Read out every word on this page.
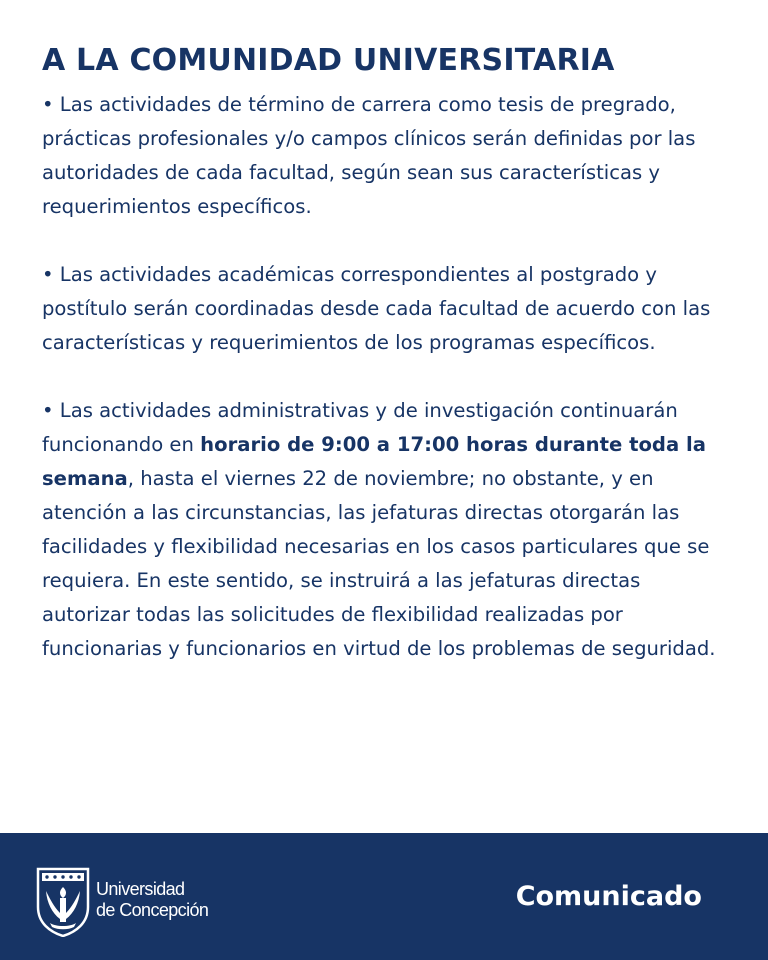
A LA COMUNIDAD UNIVERSITARIA

• Las actividades de término de carrera como tesis de pregrado, prácticas profesionales y/o campos clínicos serán definidas por las autoridades de cada facultad, según sean sus características y requerimientos específicos.

• Las actividades académicas correspondientes al postgrado y postítulo serán coordinadas desde cada facultad de acuerdo con las características y requerimientos de los programas específicos.

• Las actividades administrativas y de investigación continuarán funcionando en horario de 9:00 a 17:00 horas durante toda la semana, hasta el viernes 22 de noviembre; no obstante, y en atención a las circunstancias, las jefaturas directas otorgarán las facilidades y flexibilidad necesarias en los casos particulares que se requiera. En este sentido, se instruirá a las jefaturas directas autorizar todas las solicitudes de flexibilidad realizadas por funcionarias y funcionarios en virtud de los problemas de seguridad.

Universidad
de Concepción	Comunicado
